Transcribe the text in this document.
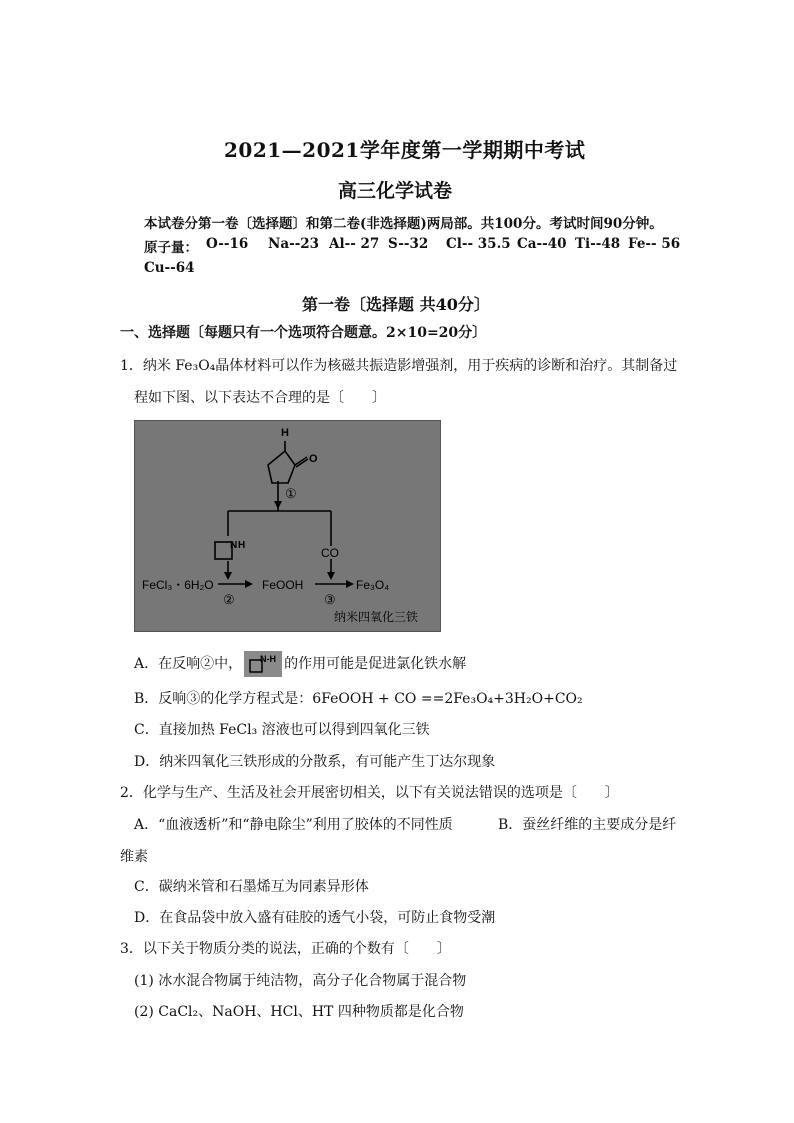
2021—2021学年度第一学期期中考试
高三化学试卷
本试卷分第一卷〔选择题〕和第二卷(非选择题)两局部。共100分。考试时间90分钟。
原子量： O--16 Na--23 Al-- 27 S--32 Cl-- 35.5 Ca--40 Ti--48 Fe-- 56
Cu--64
第一卷〔选择题 共40分〕
一、选择题〔每题只有一个选项符合题意。2×10=20分〕
1．纳米 Fe₃O₄晶体材料可以作为核磁共振造影增强剂，用于疾病的诊断和治疗。其制备过
程如下图、以下表达不合理的是〔　　〕
H
O
①
N H
CO
FeCl₃・6H₂O
②
FeOOH
③
Fe₃O₄
纳米四氧化三铁
A．在反响②中， N‑H 的作用可能是促进氯化铁水解
B．反响③的化学方程式是：6FeOOH + CO ==2Fe₃O₄+3H₂O+CO₂
C．直接加热 FeCl₃ 溶液也可以得到四氧化三铁
D．纳米四氧化三铁形成的分散系，有可能产生丁达尔现象
2．化学与生产、生活及社会开展密切相关，以下有关说法错误的选项是〔　　〕
A．“血液透析”和“静电除尘”利用了胶体的不同性质	B．蚕丝纤维的主要成分是纤
维素
C．碳纳米管和石墨烯互为同素异形体
D．在食品袋中放入盛有硅胶的透气小袋，可防止食物受潮
3．以下关于物质分类的说法，正确的个数有〔　　〕
(1) 冰水混合物属于纯洁物，高分子化合物属于混合物
(2) CaCl₂、NaOH、HCl、HT 四种物质都是化合物
